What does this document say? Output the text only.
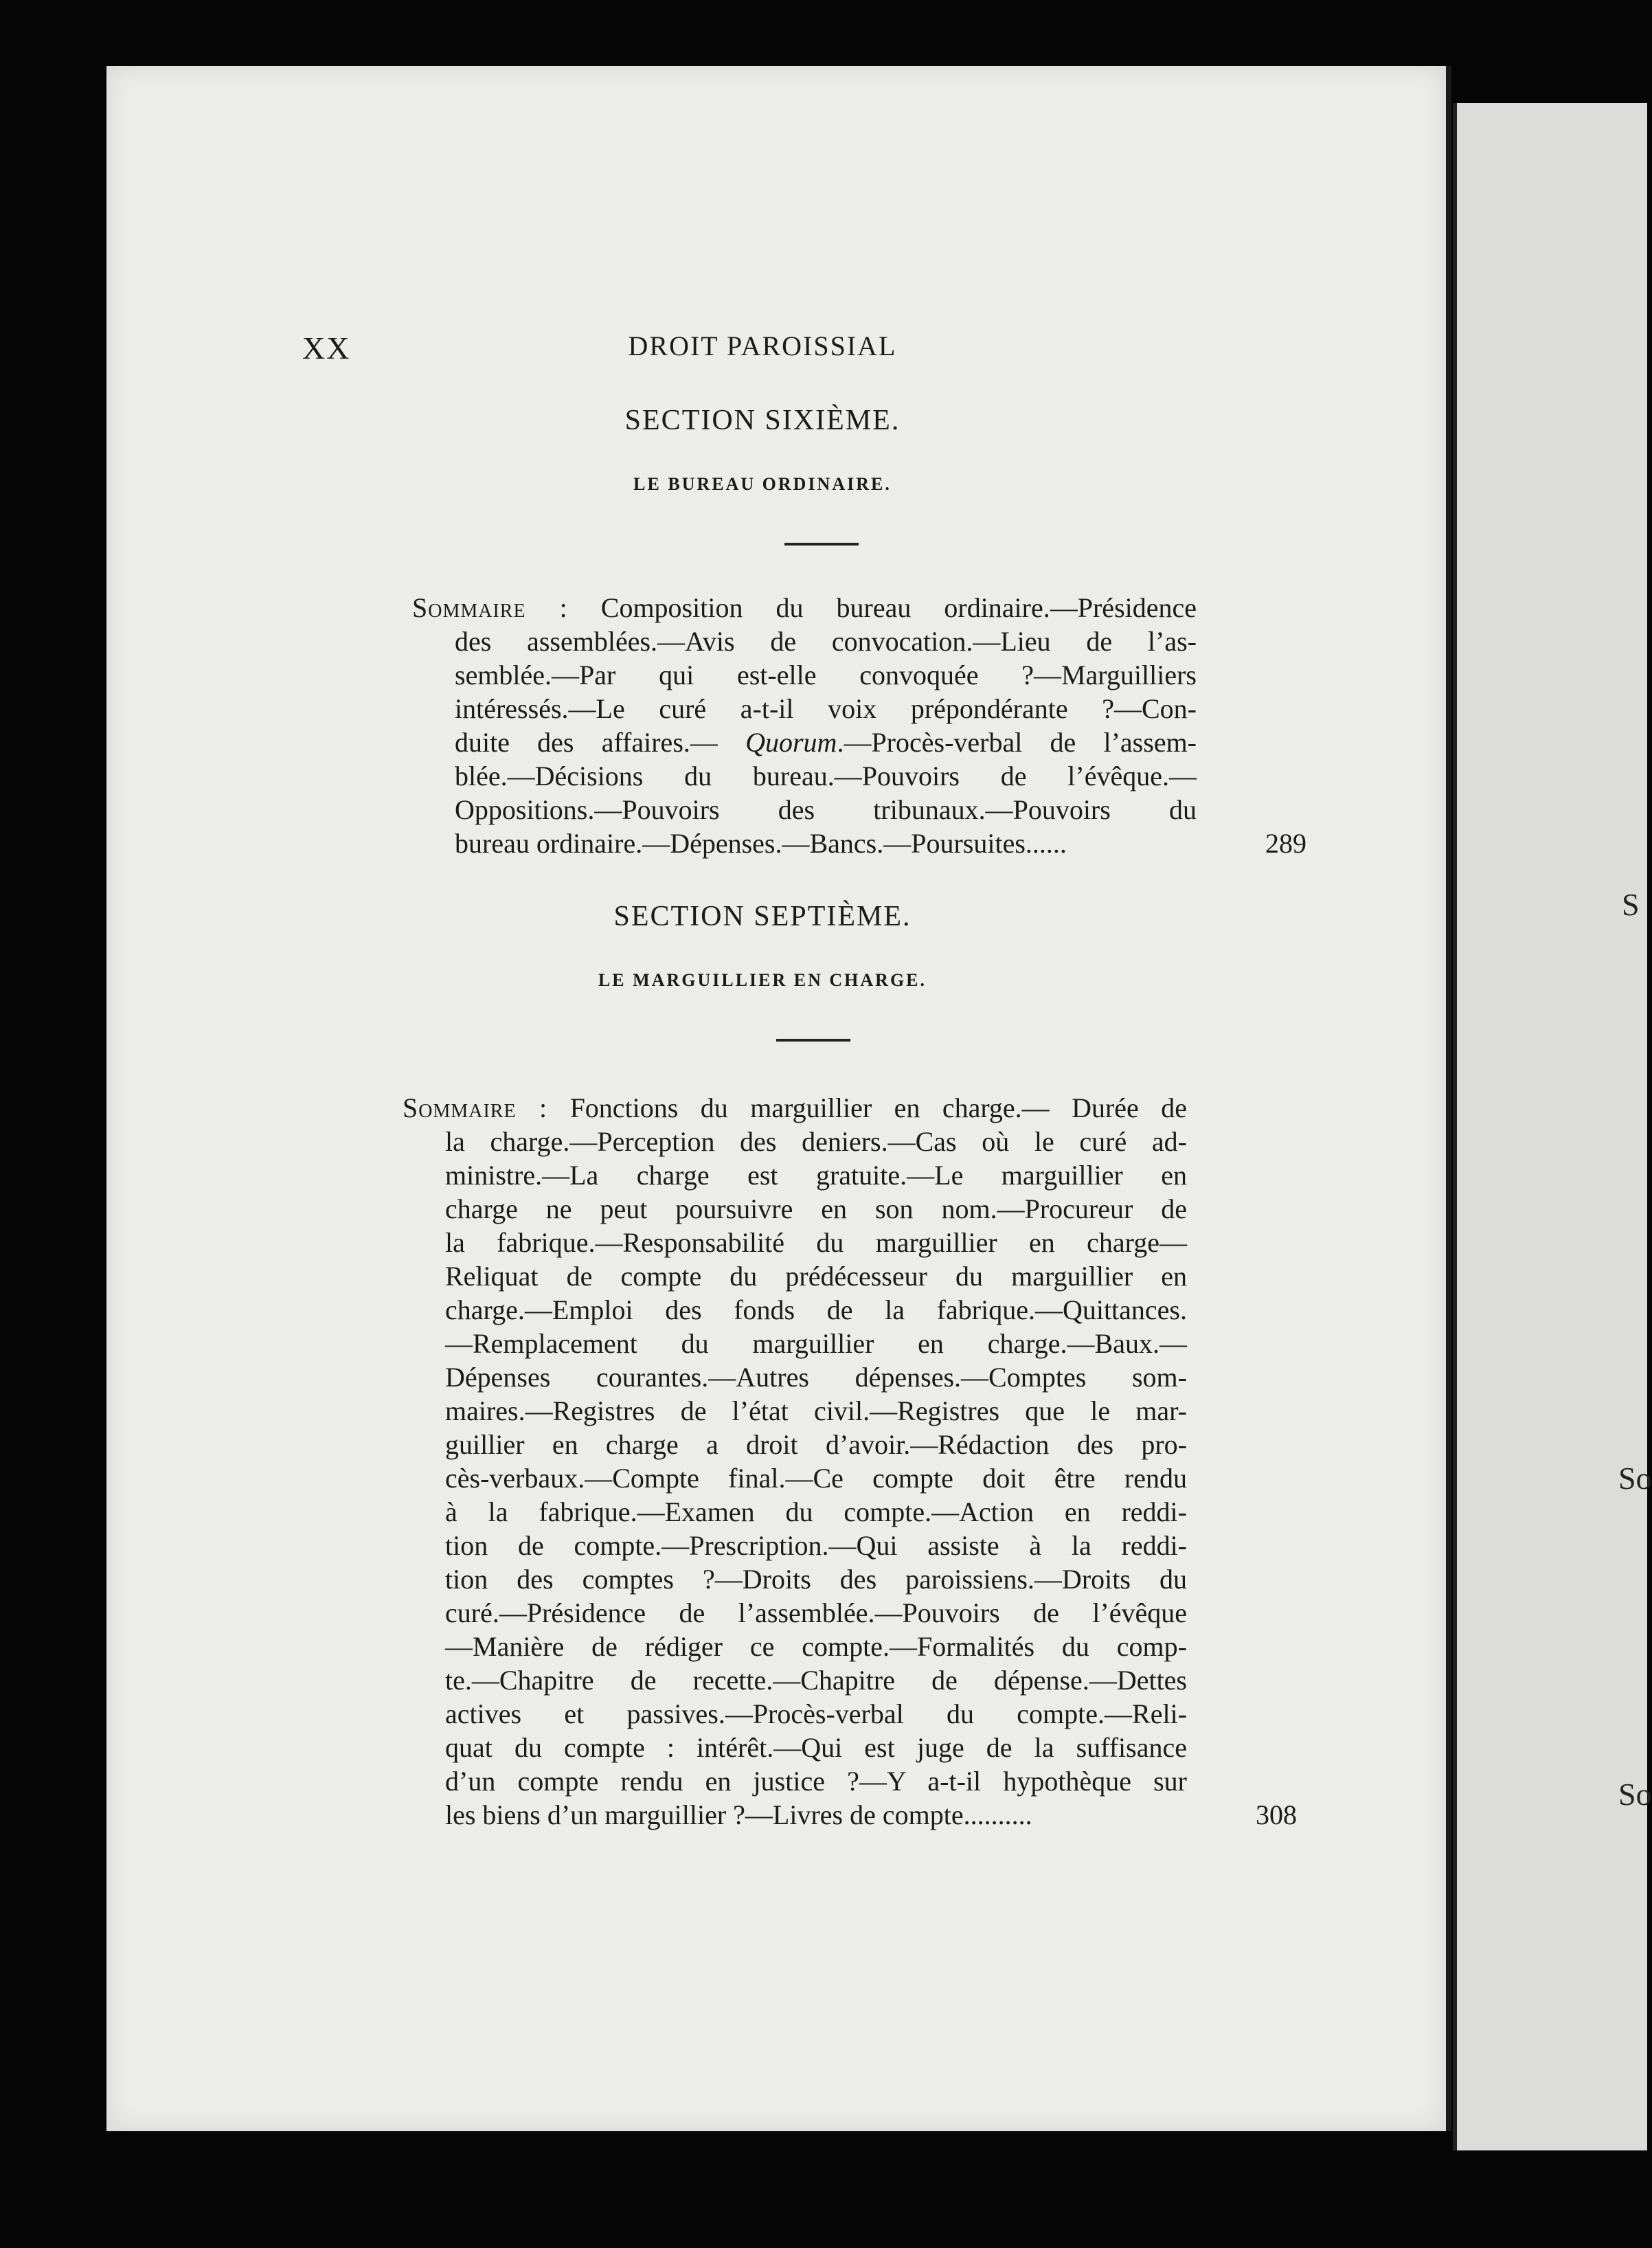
S
So
So
XX	DROIT PAROISSIAL
SECTION SIXIÈME.
LE BUREAU ORDINAIRE.
Sommaire : Composition du bureau ordinaire.—Présidence
des assemblées.—Avis de convocation.—Lieu de l’as-
semblée.—Par qui est-elle convoquée ?—Marguilliers
intéressés.—Le curé a-t-il voix prépondérante ?—Con-
duite des affaires.— Quorum.—Procès-verbal de l’assem-
blée.—Décisions du bureau.—Pouvoirs de l’évêque.—
Oppositions.—Pouvoirs des tribunaux.—Pouvoirs du
bureau ordinaire.—Dépenses.—Bancs.—Poursuites......	289
SECTION SEPTIÈME.
LE MARGUILLIER EN CHARGE.
Sommaire : Fonctions du marguillier en charge.— Durée de
la charge.—Perception des deniers.—Cas où le curé ad-
ministre.—La charge est gratuite.—Le marguillier en
charge ne peut poursuivre en son nom.—Procureur de
la fabrique.—Responsabilité du marguillier en charge—
Reliquat de compte du prédécesseur du marguillier en
charge.—Emploi des fonds de la fabrique.—Quittances.
—Remplacement du marguillier en charge.—Baux.—
Dépenses courantes.—Autres dépenses.—Comptes som-
maires.—Registres de l’état civil.—Registres que le mar-
guillier en charge a droit d’avoir.—Rédaction des pro-
cès-verbaux.—Compte final.—Ce compte doit être rendu
à la fabrique.—Examen du compte.—Action en reddi-
tion de compte.—Prescription.—Qui assiste à la reddi-
tion des comptes ?—Droits des paroissiens.—Droits du
curé.—Présidence de l’assemblée.—Pouvoirs de l’évêque
—Manière de rédiger ce compte.—Formalités du comp-
te.—Chapitre de recette.—Chapitre de dépense.—Dettes
actives et passives.—Procès-verbal du compte.—Reli-
quat du compte : intérêt.—Qui est juge de la suffisance
d’un compte rendu en justice ?—Y a-t-il hypothèque sur
les biens d’un marguillier ?—Livres de compte..........	308
